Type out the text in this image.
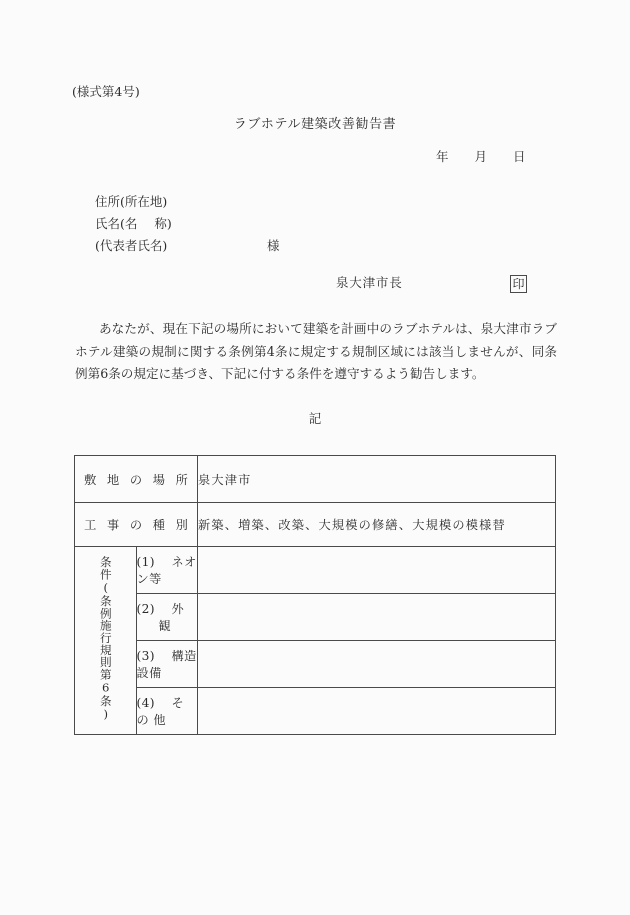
(様式第4号)
ラブホテル建築改善勧告書
年 月 日
住所(所在地)
氏名(名 称)
(代表者氏名)	様
泉大津市長	印

あなたが、現在下記の場所において建築を計画中のラブホテルは、泉大津市ラブホテル建築の規制に関する条例第4条に規定する規制区域には該当しませんが、同条例第6条の規定に基づき、下記に付する条件を遵守するよう勧告します。

記
敷 地 の 場 所		泉大津市
工 事 の 種 別		新築、増築、改築、大規模の修繕、大規模の模様替
条件(条例施行規則第6条)	(1) ネオン等	
	(2) 外観	
	(3) 構造設備	
	(4) そ の 他	
